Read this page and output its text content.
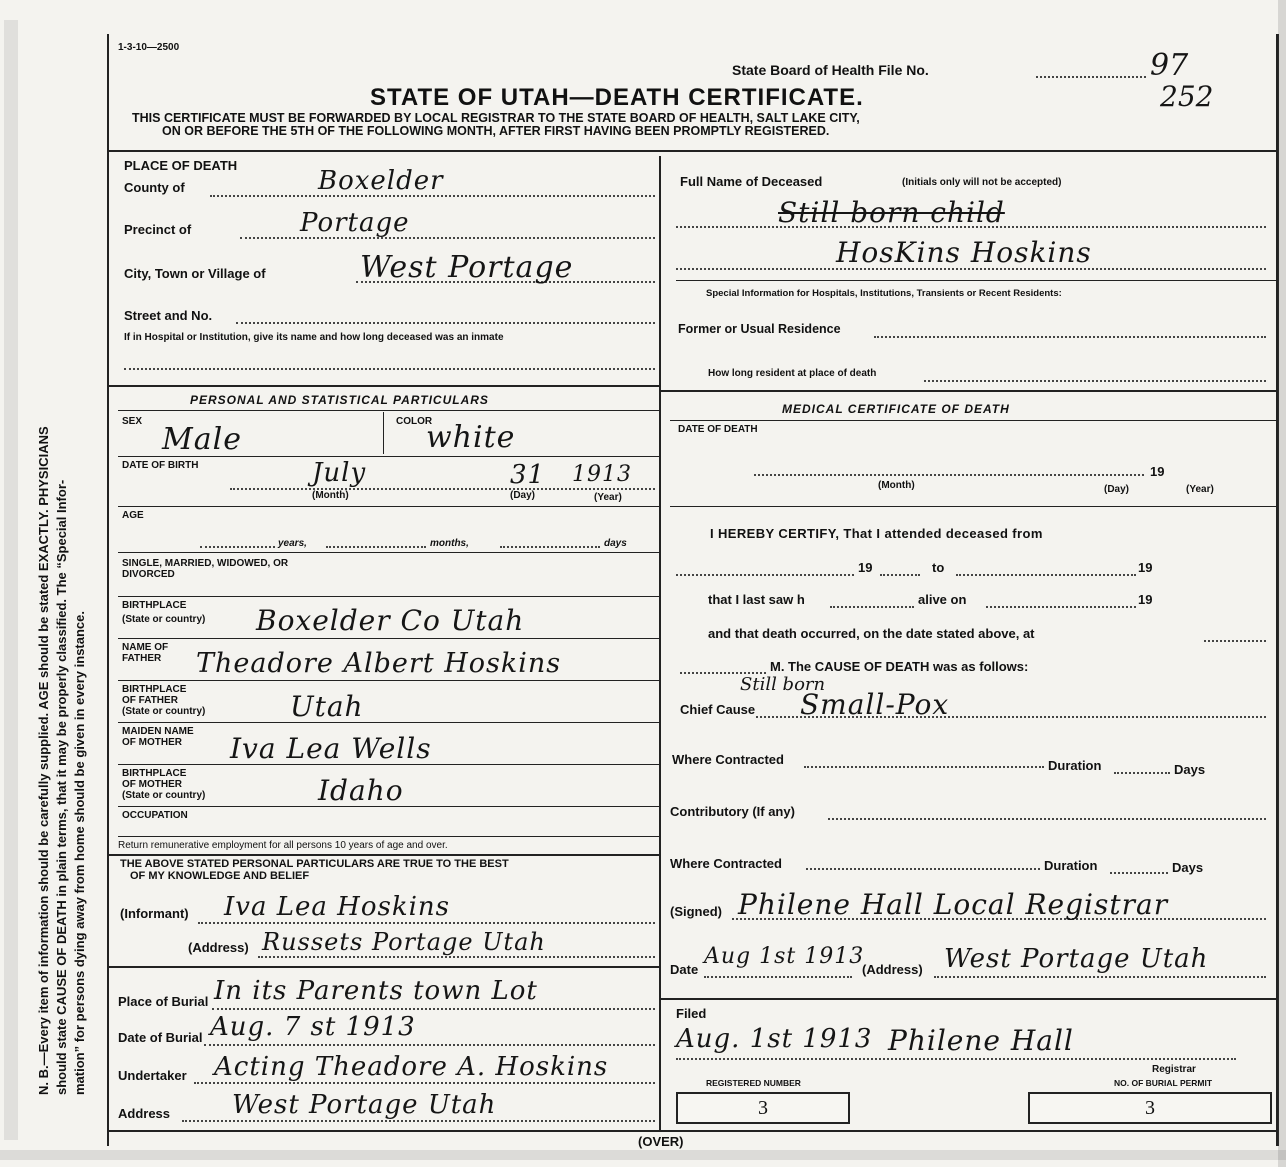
N. B.—Every item of information should be carefully supplied. AGE should be stated EXACTLY. PHYSICIANS should state CAUSE OF DEATH in plain terms, that it may be properly classified. The “Special Infor- mation” for persons dying away from home should be given in every instance.
1-3-10—2500
State Board of Health File No.	97
252
STATE OF UTAH—DEATH CERTIFICATE.
THIS CERTIFICATE MUST BE FORWARDED BY LOCAL REGISTRAR TO THE STATE BOARD OF HEALTH, SALT LAKE CITY,
ON OR BEFORE THE 5TH OF THE FOLLOWING MONTH, AFTER FIRST HAVING BEEN PROMPTLY REGISTERED.
PLACE OF DEATH
County of	Boxelder
Precinct of	Portage
City, Town or Village of	West Portage
Street and No.
If in Hospital or Institution, give its name and how long deceased was an inmate
PERSONAL AND STATISTICAL PARTICULARS
SEX	COLOR
Male	white
DATE OF BIRTH	July	31 1913
(Month)	(Day)	(Year)
AGE
years,	months,	days
SINGLE, MARRIED, WIDOWED, OR DIVORCED
BIRTHPLACE
(State or country) Boxelder Co Utah
NAME OF
FATHER Theadore Albert Hoskins
BIRTHPLACE
OF FATHER
(State or country)	Utah
MAIDEN NAME
OF MOTHER Iva Lea Wells
BIRTHPLACE
OF MOTHER
(State or country)	Idaho
OCCUPATION
Return remunerative employment for all persons 10 years of age and over.
THE ABOVE STATED PERSONAL PARTICULARS ARE TRUE TO THE BEST
OF MY KNOWLEDGE AND BELIEF
(Informant) Iva Lea Hoskins
(Address) Russets Portage Utah
Place of Burial In its Parents town Lot
Date of Burial Aug. 7 st 1913
Undertaker Acting Theadore A. Hoskins
Address West Portage Utah
Full Name of Deceased	(Initials only will not be accepted)
Still born child
HosKins Hoskins
Special Information for Hospitals, Institutions, Transients or Recent Residents:
Former or Usual Residence
How long resident at place of death
MEDICAL CERTIFICATE OF DEATH
DATE OF DEATH
19
(Month)	(Day)	(Year)
I HEREBY CERTIFY, That I attended deceased from
19	to	19
that I last saw h	alive on	19
and that death occurred, on the date stated above, at
M. The CAUSE OF DEATH was as follows:
Still born
Chief Cause Small-Pox
Where Contracted	Duration	Days
Contributory (If any)
Where Contracted	Duration	Days
(Signed) Philene Hall Local Registrar
Date
Aug 1st 1913
(Address) West Portage Utah
Filed
Aug. 1st 1913 Philene Hall
Registrar
REGISTERED NUMBER	NO. OF BURIAL PERMIT
3	3
(OVER)
